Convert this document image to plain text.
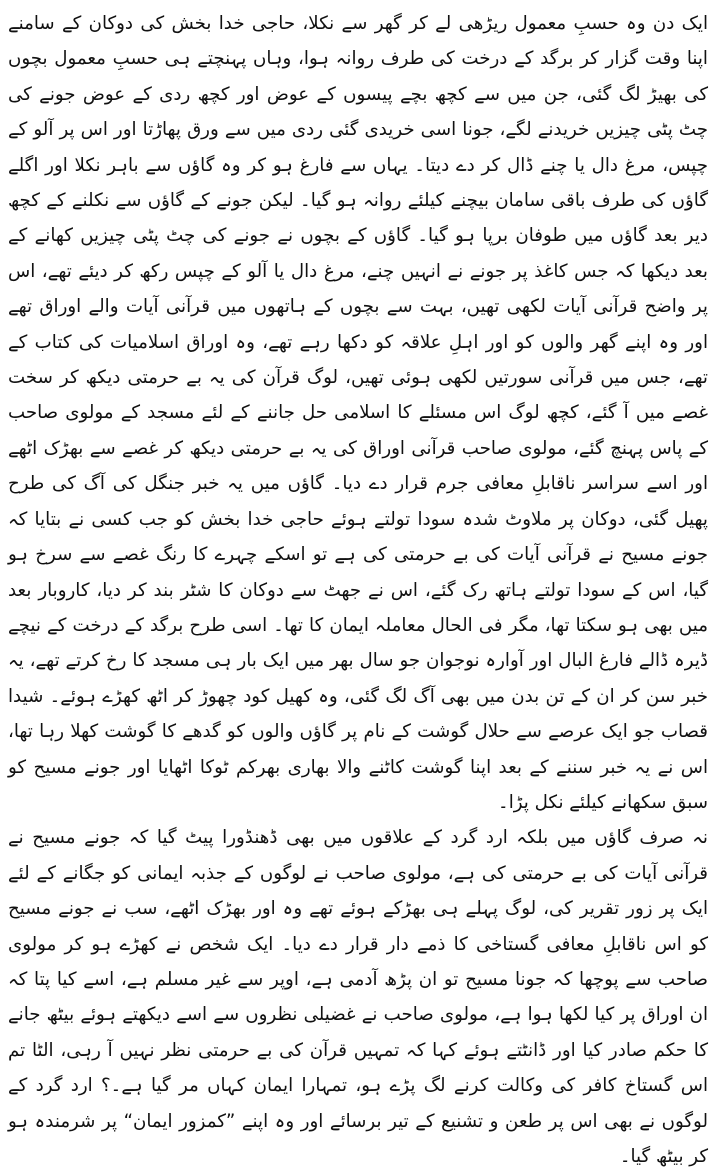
ایک دن وہ حسبِ معمول ریڑھی لے کر گھر سے نکلا، حاجی خدا بخش کی دوکان کے سامنے اپنا وقت گزار کر برگد کے درخت کی طرف روانہ ہوا، وہاں پہنچتے ہی حسبِ معمول بچوں کی بھیڑ لگ گئی، جن میں سے کچھ بچے پیسوں کے عوض اور کچھ ردی کے عوض جونے کی چٹ پٹی چیزیں خریدنے لگے، جونا اسی خریدی گئی ردی میں سے ورق پھاڑتا اور اس پر آلو کے چپس، مرغ دال یا چنے ڈال کر دے دیتا۔ یہاں سے فارغ ہو کر وہ گاؤں سے باہر نکلا اور اگلے گاؤں کی طرف باقی سامان بیچنے کیلئے روانہ ہو گیا۔ لیکن جونے کے گاؤں سے نکلنے کے کچھ دیر بعد گاؤں میں طوفان برپا ہو گیا۔ گاؤں کے بچوں نے جونے کی چٹ پٹی چیزیں کھانے کے بعد دیکھا کہ جس کاغذ پر جونے نے انہیں چنے، مرغ دال یا آلو کے چپس رکھ کر دیئے تھے، اس پر واضح قرآنی آیات لکھی تھیں، بہت سے بچوں کے ہاتھوں میں قرآنی آیات والے اوراق تھے اور وہ اپنے گھر والوں کو اور اہلِ علاقہ کو دکھا رہے تھے، وہ اوراق اسلامیات کی کتاب کے تھے، جس میں قرآنی سورتیں لکھی ہوئی تھیں، لوگ قرآن کی یہ بے حرمتی دیکھ کر سخت غصے میں آ گئے، کچھ لوگ اس مسئلے کا اسلامی حل جاننے کے لئے مسجد کے مولوی صاحب کے پاس پہنچ گئے، مولوی صاحب قرآنی اوراق کی یہ بے حرمتی دیکھ کر غصے سے بھڑک اٹھے اور اسے سراسر ناقابلِ معافی جرم قرار دے دیا۔ گاؤں میں یہ خبر جنگل کی آگ کی طرح پھیل گئی، دوکان پر ملاوٹ شدہ سودا تولتے ہوئے حاجی خدا بخش کو جب کسی نے بتایا کہ جونے مسیح نے قرآنی آیات کی بے حرمتی کی ہے تو اسکے چہرے کا رنگ غصے سے سرخ ہو گیا، اس کے سودا تولتے ہاتھ رک گئے، اس نے جھٹ سے دوکان کا شٹر بند کر دیا، کاروبار بعد میں بھی ہو سکتا تھا، مگر فی الحال معاملہ ایمان کا تھا۔ اسی طرح برگد کے درخت کے نیچے ڈیرہ ڈالے فارغ البال اور آوارہ نوجوان جو سال بھر میں ایک بار ہی مسجد کا رخ کرتے تھے، یہ خبر سن کر ان کے تن بدن میں بھی آگ لگ گئی، وہ کھیل کود چھوڑ کر اٹھ کھڑے ہوئے۔ شیدا قصاب جو ایک عرصے سے حلال گوشت کے نام پر گاؤں والوں کو گدھے کا گوشت کھلا رہا تھا، اس نے یہ خبر سننے کے بعد اپنا گوشت کاٹنے والا بھاری بھرکم ٹوکا اٹھایا اور جونے مسیح کو سبق سکھانے کیلئے نکل پڑا۔

نہ صرف گاؤں میں بلکہ ارد گرد کے علاقوں میں بھی ڈھنڈورا پیٹ گیا کہ جونے مسیح نے قرآنی آیات کی بے حرمتی کی ہے، مولوی صاحب نے لوگوں کے جذبہ ایمانی کو جگانے کے لئے ایک پر زور تقریر کی، لوگ پہلے ہی بھڑکے ہوئے تھے وہ اور بھڑک اٹھے، سب نے جونے مسیح کو اس ناقابلِ معافی گستاخی کا ذمے دار قرار دے دیا۔ ایک شخص نے کھڑے ہو کر مولوی صاحب سے پوچھا کہ جونا مسیح تو ان پڑھ آدمی ہے، اوپر سے غیر مسلم ہے، اسے کیا پتا کہ ان اوراق پر کیا لکھا ہوا ہے، مولوی صاحب نے غضیلی نظروں سے اسے دیکھتے ہوئے بیٹھ جانے کا حکم صادر کیا اور ڈانٹتے ہوئے کہا کہ تمہیں قرآن کی بے حرمتی نظر نہیں آ رہی، الٹا تم اس گستاخ کافر کی وکالت کرنے لگ پڑے ہو، تمہارا ایمان کہاں مر گیا ہے۔؟ ارد گرد کے لوگوں نے بھی اس پر طعن و تشنیع کے تیر برسائے اور وہ اپنے ”کمزور ایمان“ پر شرمندہ ہو کر بیٹھ گیا۔
